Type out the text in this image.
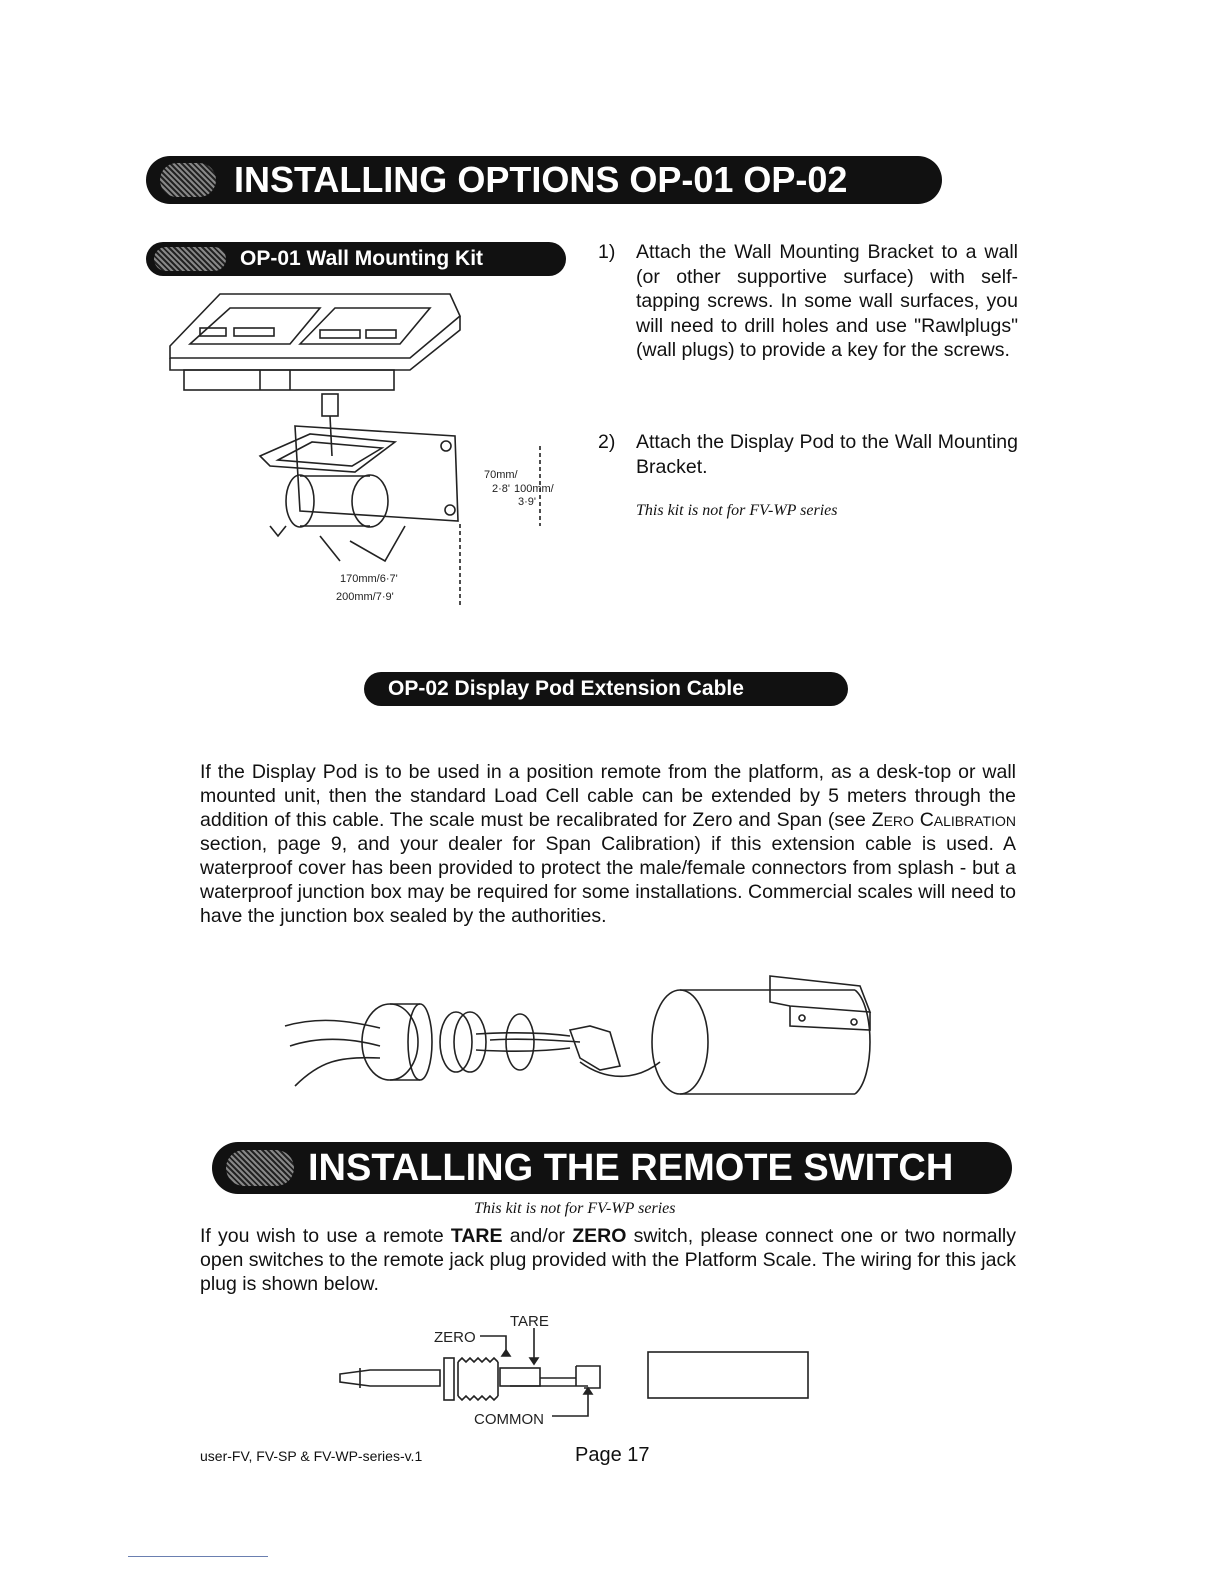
INSTALLING OPTIONS OP-01 OP-02
OP-01 Wall Mounting Kit
OP-02 Display Pod Extension Cable
INSTALLING THE REMOTE SWITCH
70mm/
2·8' 100mm/
3·9'
170mm/6·7'
200mm/7·9'
1)	Attach the Wall Mounting Bracket to a wall (or other supportive surface) with self-tapping screws. In some wall surfaces, you will need to drill holes and use "Rawlplugs" (wall plugs) to provide a key for the screws.
2)	Attach the Display Pod to the Wall Mounting Bracket.
This kit is not for FV-WP series
If the Display Pod is to be used in a position remote from the platform, as a desk-top or wall mounted unit, then the standard Load Cell cable can be extended by 5 meters through the addition of this cable. The scale must be recalibrated for Zero and Span (see Zero Calibration section, page 9, and your dealer for Span Calibration) if this extension cable is used. A waterproof cover has been provided to protect the male/female connectors from splash - but a waterproof junction box may be required for some installations. Commercial scales will need to have the junction box sealed by the authorities.
This kit is not for FV-WP series
If you wish to use a remote TARE and/or ZERO switch, please connect one or two normally open switches to the remote jack plug provided with the Platform Scale. The wiring for this jack plug is shown below.
ZERO
TARE
COMMON
user-FV, FV-SP & FV-WP-series-v.1	Page 17
